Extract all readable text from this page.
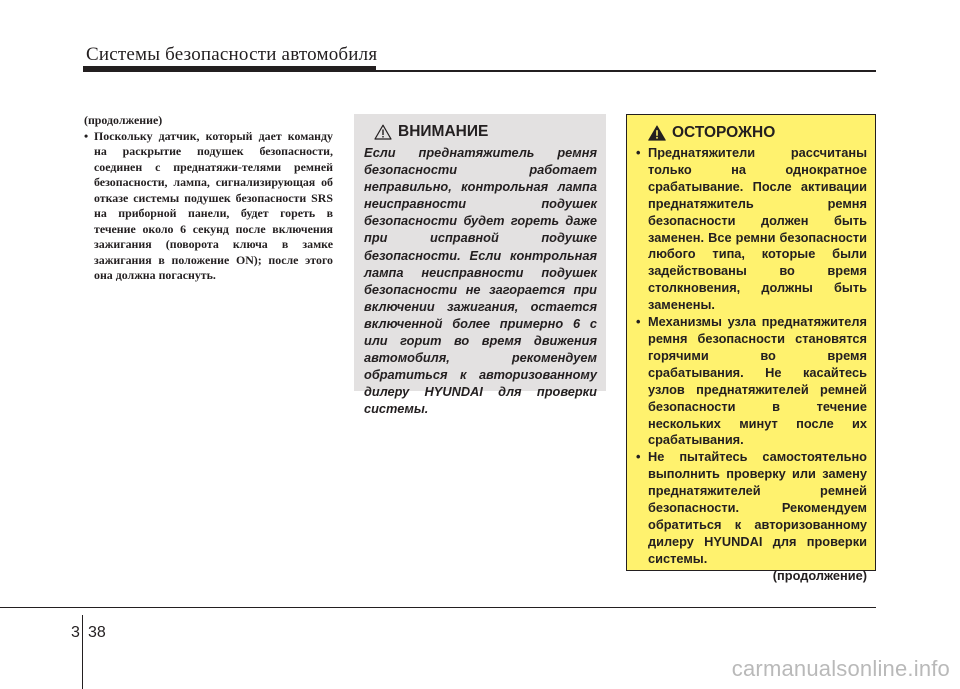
Системы безопасности автомобиля
(продолжение)
• Поскольку датчик, который дает команду на раскрытие подушек безопасности, соединен с преднатяжи-телями ремней безопасности, лампа, сигнализирующая об отказе системы подушек безопасности SRS на приборной панели, будет гореть в течение около 6 секунд после включения зажигания (поворота ключа в замке зажигания в положение ON); после этого она должна погаснуть.
ВНИМАНИЕ
Если преднатяжитель ремня безопасности работает неправильно, контрольная лампа неисправности подушек безопасности будет гореть даже при исправной подушке безопасности. Если контрольная лампа неисправности подушек безопасности не загорается при включении зажигания, остается включенной более примерно 6 с или горит во время движения автомобиля, рекомендуем обратиться к авторизованному дилеру HYUNDAI для проверки системы.
ОСТОРОЖНО
• Преднатяжители рассчитаны только на однократное срабатывание. После активации преднатяжитель ремня безопасности должен быть заменен. Все ремни безопасности любого типа, которые были задействованы во время столкновения, должны быть заменены.
• Механизмы узла преднатяжителя ремня безопасности становятся горячими во время срабатывания. Не касайтесь узлов преднатяжителей ремней безопасности в течение нескольких минут после их срабатывания.
• Не пытайтесь самостоятельно выполнить проверку или замену преднатяжителей ремней безопасности. Рекомендуем обратиться к авторизованному дилеру HYUNDAI для проверки системы.
(продолжение)
3 38
carmanualsonline.info
